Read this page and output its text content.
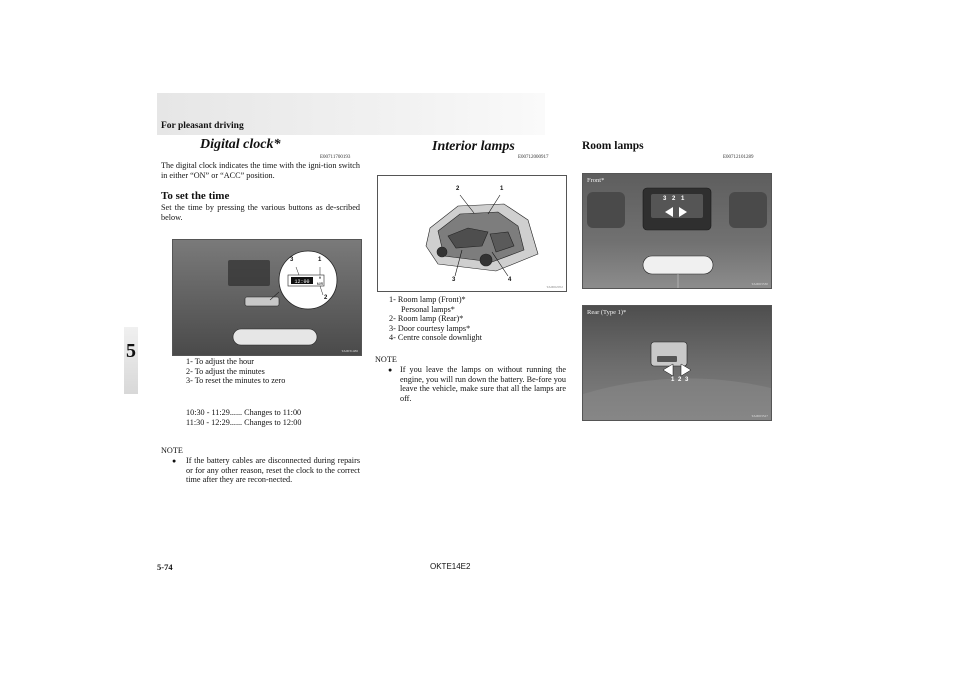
For pleasant driving
5
Digital clock*
E00711700193
The digital clock indicates the time with the igni-tion switch in either “ON” or “ACC” position.
To set the time
Set the time by pressing the various buttons as de-scribed below.
12:00
H
M/R
3	1
2
TA0031486
1- To adjust the hour
2- To adjust the minutes
3- To reset the minutes to zero
10:30 - 11:29...... Changes to 11:00
11:30 - 12:29...... Changes to 12:00
NOTE
● If the battery cables are disconnected during repairs or for any other reason, reset the clock to the correct time after they are recon-nected.
Interior lamps
E00712000917
2	1
3	4
TA0062052
1- Room lamp (Front)*
Personal lamps*
2- Room lamp (Rear)*
3- Door courtesy lamps*
4- Centre console downlight
NOTE
● If you leave the lamps on without running the engine, you will run down the battery. Be-fore you leave the vehicle, make sure that all the lamps are off.
Room lamps
E00712101289
Front*
3 2 1
TA0063530
Rear (Type 1)*
1 2 3
TA0063527
5-74	OKTE14E2
